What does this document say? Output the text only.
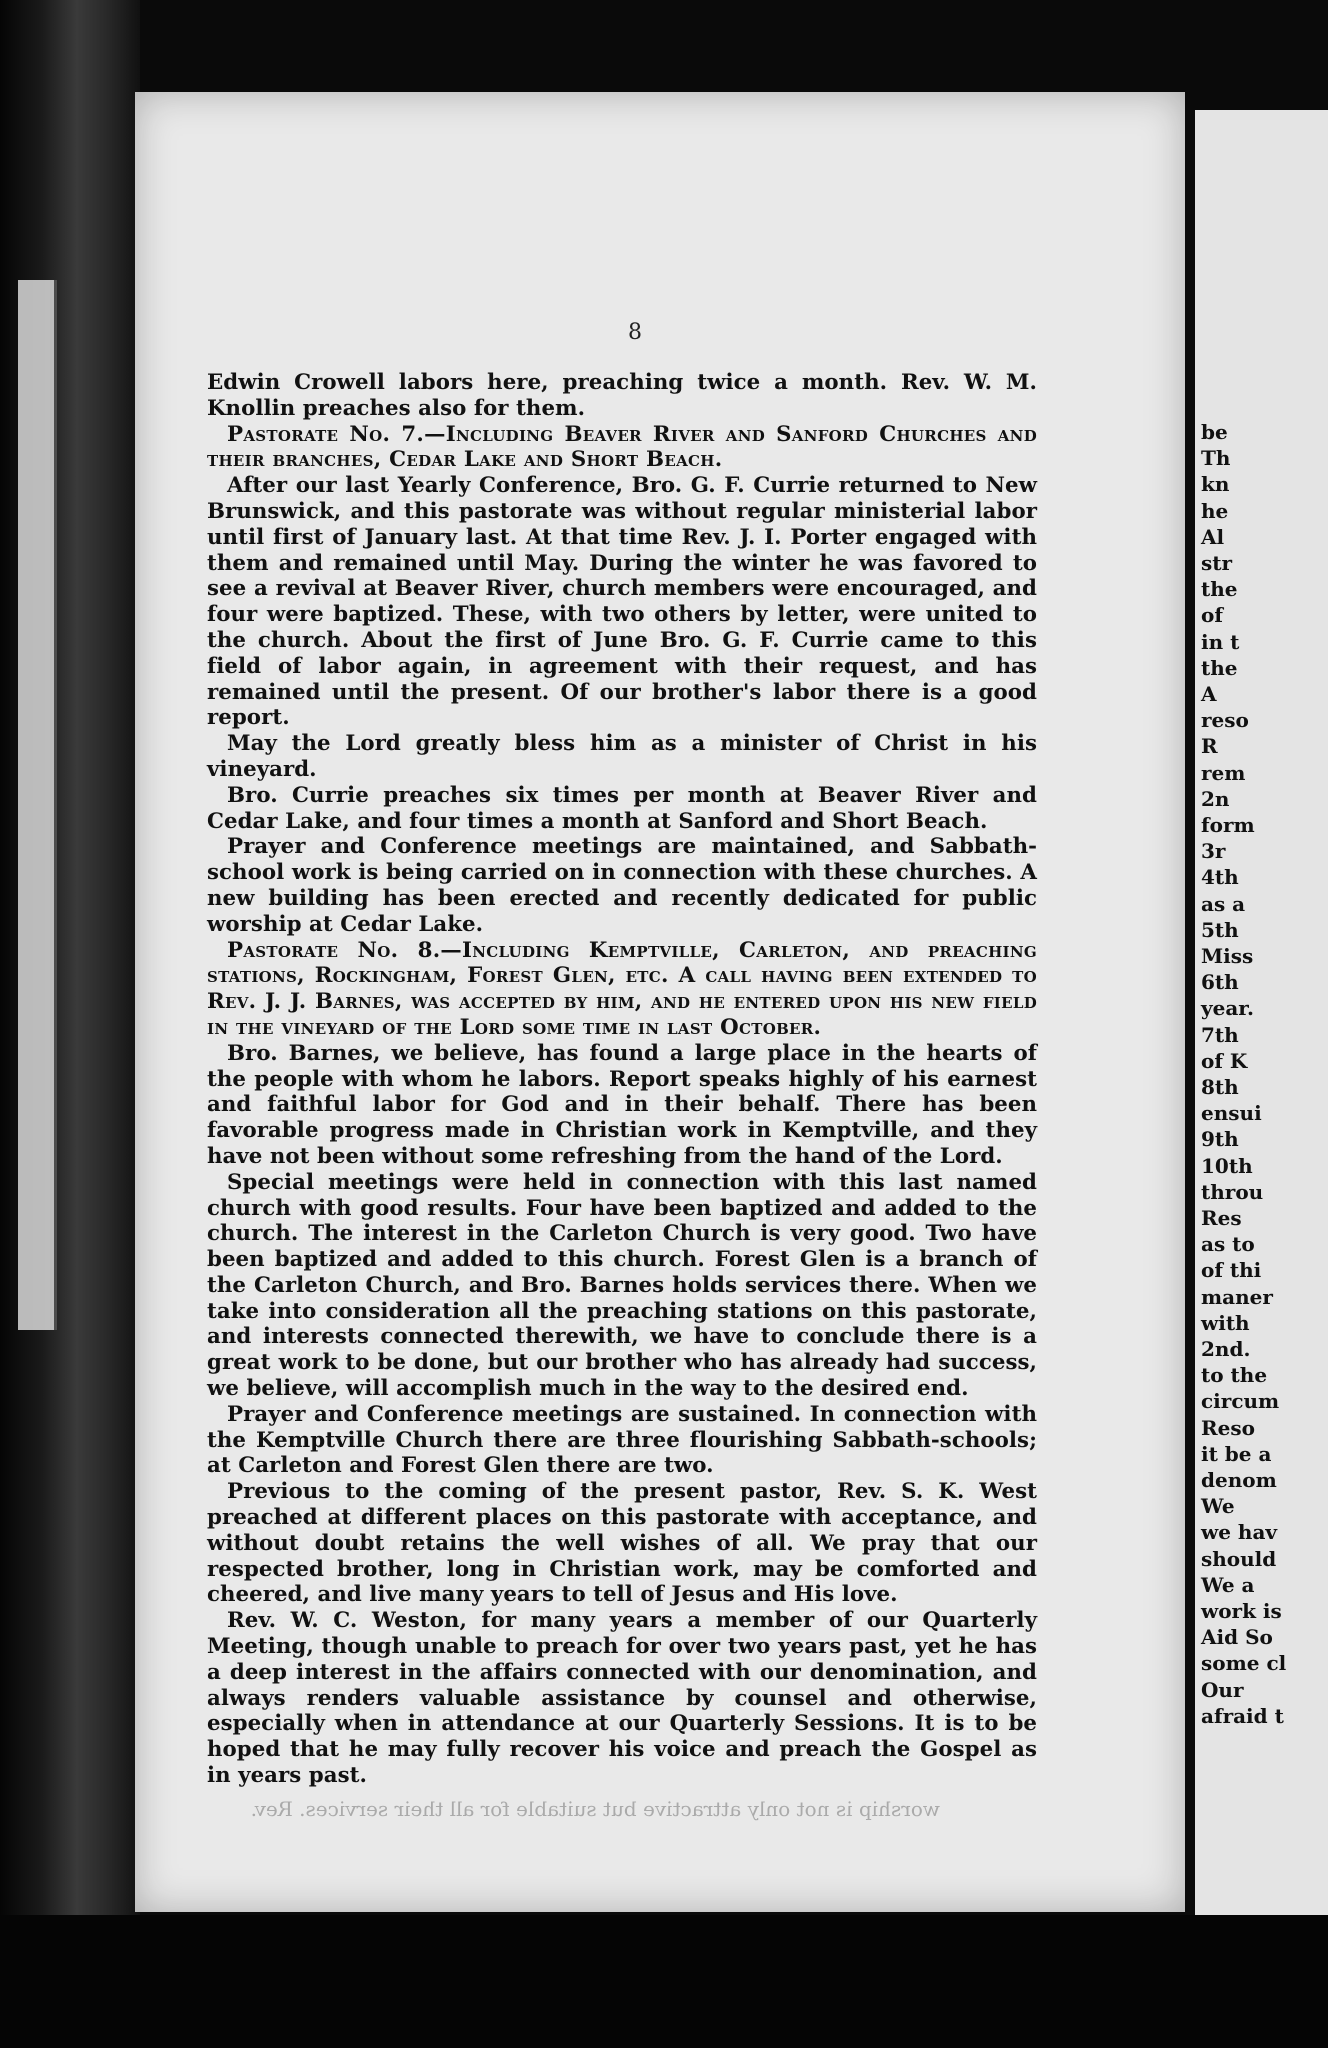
8

Edwin Crowell labors here, preaching twice a month. Rev. W. M. Knollin preaches also for them.

Pastorate No. 7.—Including Beaver River and Sanford Churches and their branches, Cedar Lake and Short Beach.

After our last Yearly Conference, Bro. G. F. Currie returned to New Brunswick, and this pastorate was without regular ministerial labor until first of January last. At that time Rev. J. I. Porter engaged with them and remained until May. During the winter he was favored to see a revival at Beaver River, church members were encouraged, and four were baptized. These, with two others by letter, were united to the church. About the first of June Bro. G. F. Currie came to this field of labor again, in agreement with their request, and has remained until the present. Of our brother's labor there is a good report.

May the Lord greatly bless him as a minister of Christ in his vineyard.

Bro. Currie preaches six times per month at Beaver River and Cedar Lake, and four times a month at Sanford and Short Beach.

Prayer and Conference meetings are maintained, and Sabbath-school work is being carried on in connection with these churches. A new building has been erected and recently dedicated for public worship at Cedar Lake.

Pastorate No. 8.—Including Kemptville, Carleton, and preaching stations, Rockingham, Forest Glen, etc. A call having been extended to Rev. J. J. Barnes, was accepted by him, and he entered upon his new field in the vineyard of the Lord some time in last October.

Bro. Barnes, we believe, has found a large place in the hearts of the people with whom he labors. Report speaks highly of his earnest and faithful labor for God and in their behalf. There has been favorable progress made in Christian work in Kemptville, and they have not been without some refreshing from the hand of the Lord.

Special meetings were held in connection with this last named church with good results. Four have been baptized and added to the church. The interest in the Carleton Church is very good. Two have been baptized and added to this church. Forest Glen is a branch of the Carleton Church, and Bro. Barnes holds services there. When we take into consideration all the preaching stations on this pastorate, and interests connected therewith, we have to conclude there is a great work to be done, but our brother who has already had success, we believe, will accomplish much in the way to the desired end.

Prayer and Conference meetings are sustained. In connection with the Kemptville Church there are three flourishing Sabbath-schools; at Carleton and Forest Glen there are two.

Previous to the coming of the present pastor, Rev. S. K. West preached at different places on this pastorate with acceptance, and without doubt retains the well wishes of all. We pray that our respected brother, long in Christian work, may be comforted and cheered, and live many years to tell of Jesus and His love.

Rev. W. C. Weston, for many years a member of our Quarterly Meeting, though unable to preach for over two years past, yet he has a deep interest in the affairs connected with our denomination, and always renders valuable assistance by counsel and otherwise, especially when in attendance at our Quarterly Sessions. It is to be hoped that he may fully recover his voice and preach the Gospel as in years past.

worship is not only attractive but suitable for all their services. Rev.
be
Th
kn
he
Al
str
the
of
in t
the
A
reso
R
rem
2n
form
3r
4th
as a
5th
Miss
6th
year.
7th
of K
8th
ensui
9th
10th
throu
Res
as to
of thi
maner
with
2nd.
to the
circum
Reso
it be a
denom
We
we hav
should
We a
work is
Aid So
some cl
Our
afraid t
